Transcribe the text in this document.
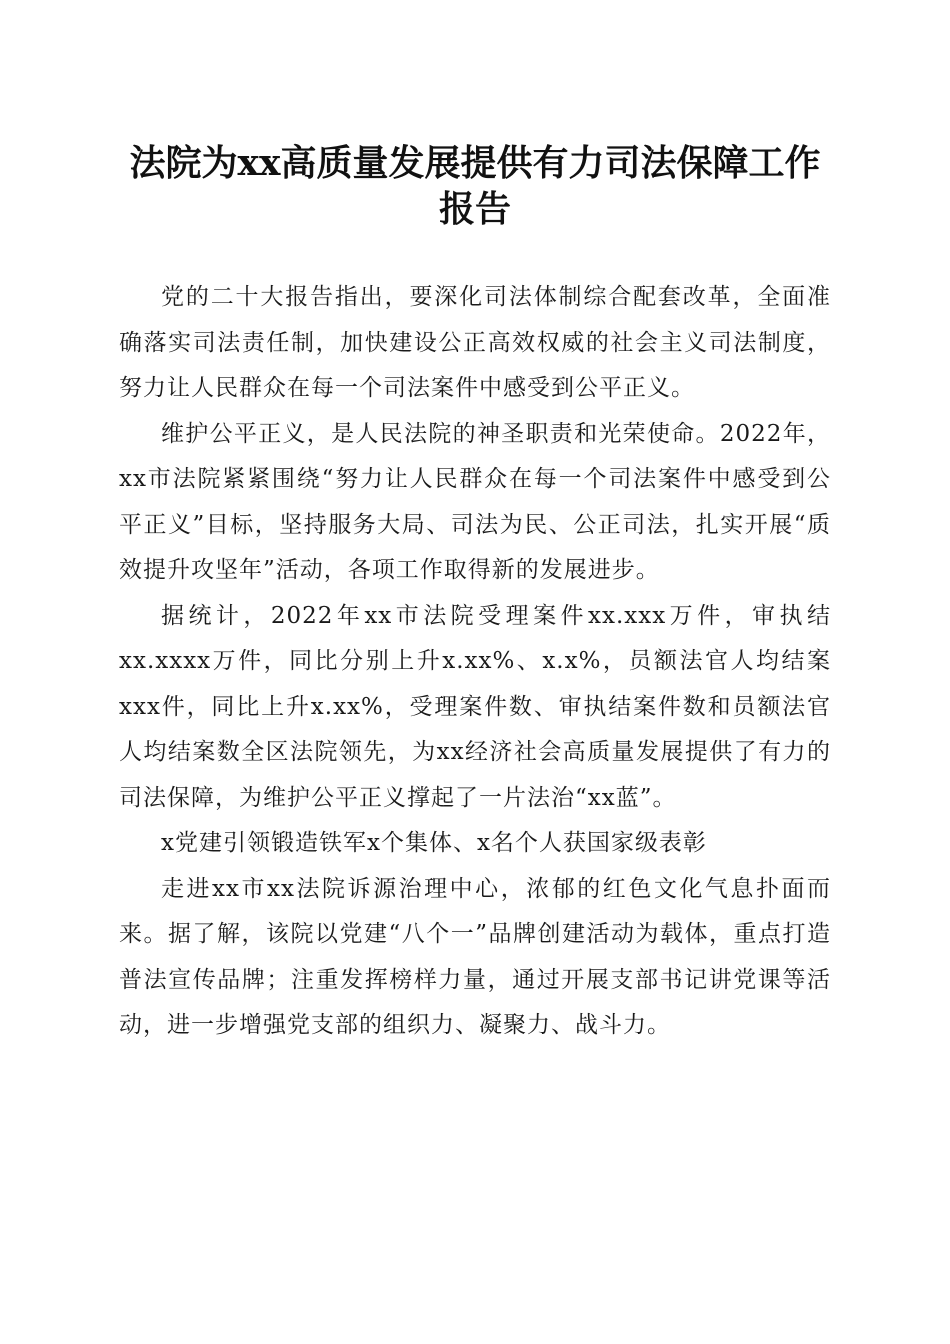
法院为xx高质量发展提供有力司法保障工作
报告

党的二十大报告指出，要深化司法体制综合配套改革，全面准确落实司法责任制，加快建设公正高效权威的社会主义司法制度，努力让人民群众在每一个司法案件中感受到公平正义。

维护公平正义，是人民法院的神圣职责和光荣使命。2022年，xx市法院紧紧围绕“努力让人民群众在每一个司法案件中感受到公平正义”目标，坚持服务大局、司法为民、公正司法，扎实开展“质效提升攻坚年”活动，各项工作取得新的发展进步。

据统计，2022年xx市法院受理案件xx.xxx万件，审执结xx.xxxx万件，同比分别上升x.xx%、x.x%，员额法官人均结案xxx件，同比上升x.xx%，受理案件数、审执结案件数和员额法官人均结案数全区法院领先，为xx经济社会高质量发展提供了有力的司法保障，为维护公平正义撑起了一片法治“xx蓝”。

x党建引领锻造铁军x个集体、x名个人获国家级表彰

走进xx市xx法院诉源治理中心，浓郁的红色文化气息扑面而来。据了解，该院以党建“八个一”品牌创建活动为载体，重点打造普法宣传品牌；注重发挥榜样力量，通过开展支部书记讲党课等活动，进一步增强党支部的组织力、凝聚力、战斗力。
